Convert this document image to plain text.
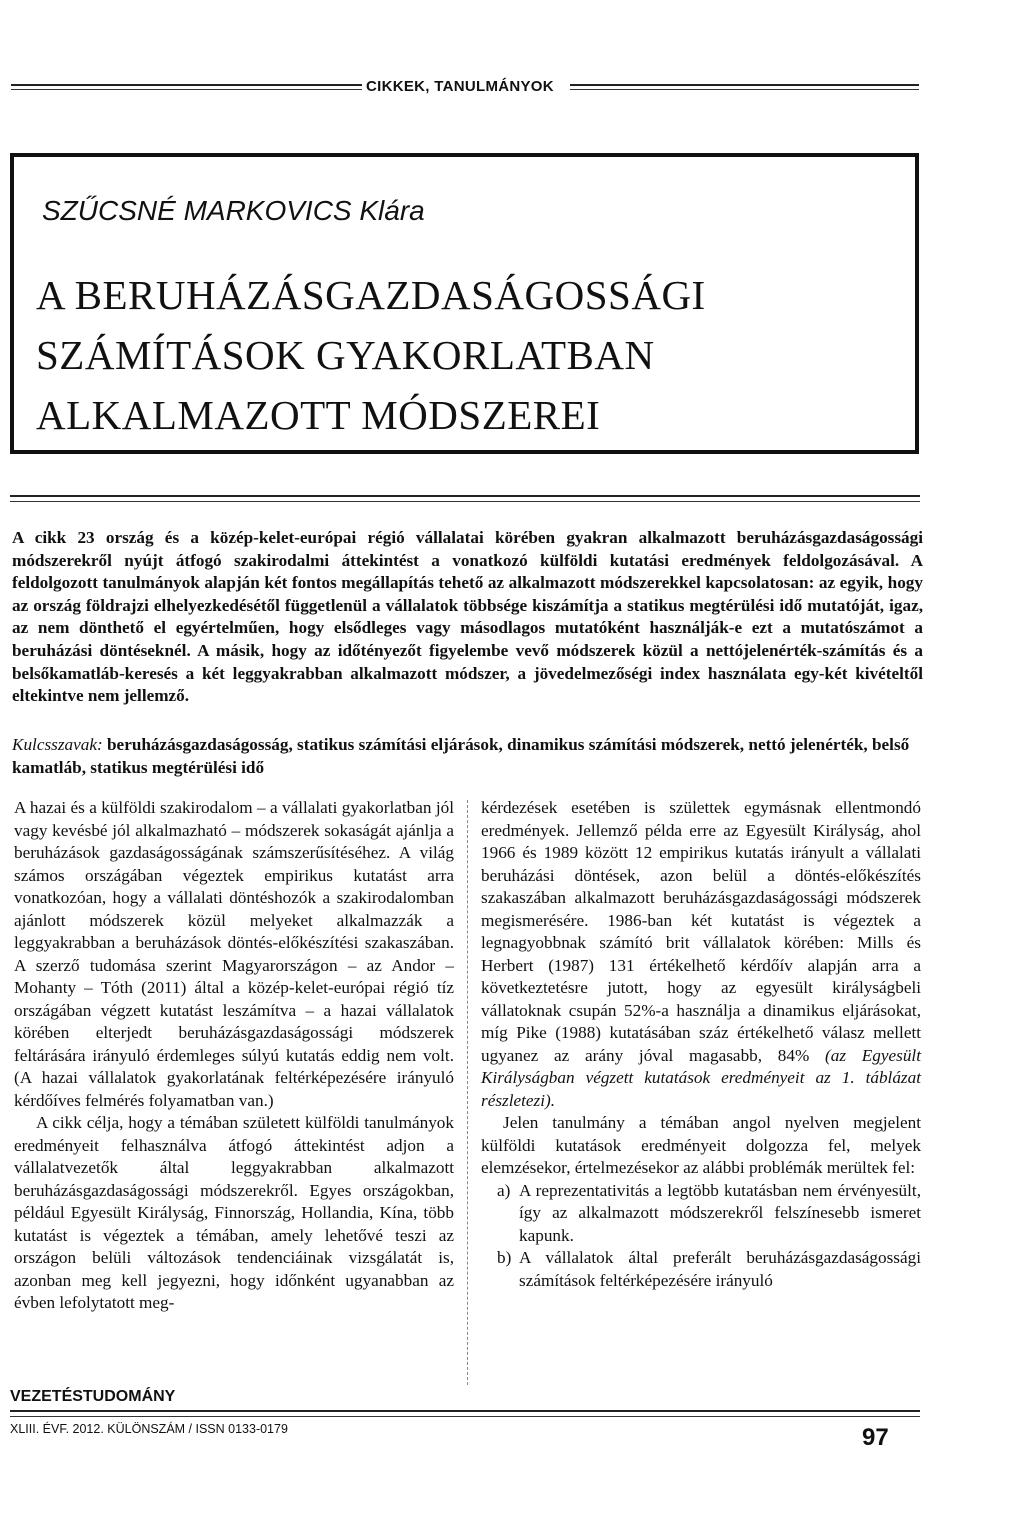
CIKKEK, TANULMÁNYOK
SZŰCSNÉ MARKOVICS Klára
A BERUHÁZÁSGAZDASÁGOSSÁGI
SZÁMÍTÁSOK GYAKORLATBAN
ALKALMAZOTT MÓDSZEREI
A cikk 23 ország és a közép-kelet-európai régió vállalatai körében gyakran alkalmazott beruházásgazdaságossági módszerekről nyújt átfogó szakirodalmi áttekintést a vonatkozó külföldi kutatási eredmények feldolgozásával. A feldolgozott tanulmányok alapján két fontos megállapítás tehető az alkalmazott módszerekkel kapcsolatosan: az egyik, hogy az ország földrajzi elhelyezkedésétől függetlenül a vállalatok többsége kiszámítja a statikus megtérülési idő mutatóját, igaz, az nem dönthető el egyértelműen, hogy elsődleges vagy másodlagos mutatóként használják-e ezt a mutatószámot a beruházási döntéseknél. A másik, hogy az időtényezőt figyelembe vevő módszerek közül a nettójelenérték-számítás és a belsőkamatláb-keresés a két leggyakrabban alkalmazott módszer, a jövedelmezőségi index használata egy-két kivételtől eltekintve nem jellemző.
Kulcsszavak: beruházásgazdaságosság, statikus számítási eljárások, dinamikus számítási módszerek, nettó jelenérték, belső kamatláb, statikus megtérülési idő

A hazai és a külföldi szakirodalom – a vállalati gyakorlatban jól vagy kevésbé jól alkalmazható – módszerek sokaságát ajánlja a beruházások gazdaságosságának számszerűsítéséhez. A világ számos országában végeztek empirikus kutatást arra vonatkozóan, hogy a vállalati döntéshozók a szakirodalomban ajánlott módszerek közül melyeket alkalmazzák a leggyakrabban a beruházások döntés-előkészítési szakaszában. A szerző tudomása szerint Magyarországon – az Andor – Mohanty – Tóth (2011) által a közép-kelet-európai régió tíz országában végzett kutatást leszámítva – a hazai vállalatok körében elterjedt beruházásgazdaságossági módszerek feltárására irányuló érdemleges súlyú kutatás eddig nem volt. (A hazai vállalatok gyakorlatának feltérképezésére irányuló kérdőíves felmérés folyamatban van.)

A cikk célja, hogy a témában született külföldi tanulmányok eredményeit felhasználva átfogó áttekintést adjon a vállalatvezetők által leggyakrabban alkalmazott beruházásgazdaságossági módszerekről. Egyes országokban, például Egyesült Királyság, Finnország, Hollandia, Kína, több kutatást is végeztek a témában, amely lehetővé teszi az országon belüli változások tendenciáinak vizsgálatát is, azonban meg kell jegyezni, hogy időnként ugyanabban az évben lefolytatott meg-

kérdezések esetében is születtek egymásnak ellentmondó eredmények. Jellemző példa erre az Egyesült Királyság, ahol 1966 és 1989 között 12 empirikus kutatás irányult a vállalati beruházási döntések, azon belül a döntés-előkészítés szakaszában alkalmazott beruházásgazdaságossági módszerek megismerésére. 1986-ban két kutatást is végeztek a legnagyobbnak számító brit vállalatok körében: Mills és Herbert (1987) 131 értékelhető kérdőív alapján arra a következtetésre jutott, hogy az egyesült királyságbeli vállatoknak csupán 52%-a használja a dinamikus eljárásokat, míg Pike (1988) kutatásában száz értékelhető válasz mellett ugyanez az arány jóval magasabb, 84% (az Egyesült Királyságban végzett kutatások eredményeit az 1. táblázat részletezi).

Jelen tanulmány a témában angol nyelven megjelent külföldi kutatások eredményeit dolgozza fel, melyek elemzésekor, értelmezésekor az alábbi problémák merültek fel:

a) A reprezentativitás a legtöbb kutatásban nem érvényesült, így az alkalmazott módszerekről felszínesebb ismeret kapunk.
b) A vállalatok által preferált beruházásgazdaságossági számítások feltérképezésére irányuló
VEZETÉSTUDOMÁNY
XLIII. ÉVF. 2012. KÜLÖNSZÁM / ISSN 0133-0179	97
